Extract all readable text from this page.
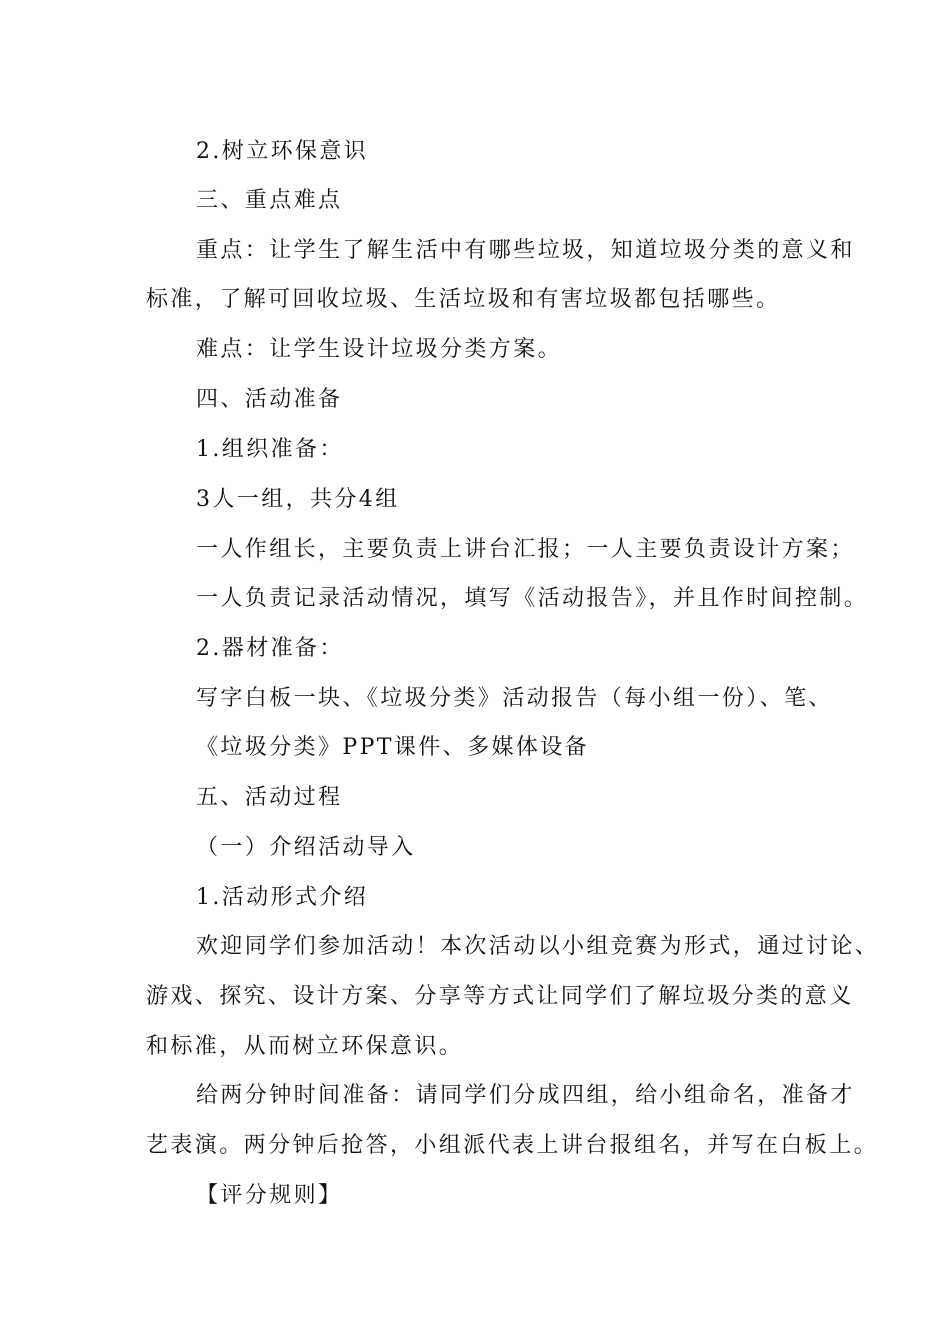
2.树立环保意识
三、重点难点
重点：让学生了解生活中有哪些垃圾，知道垃圾分类的意义和
标准，了解可回收垃圾、生活垃圾和有害垃圾都包括哪些。
难点：让学生设计垃圾分类方案。
四、活动准备
1.组织准备：
3人一组，共分4组
一人作组长，主要负责上讲台汇报；一人主要负责设计方案；
一人负责记录活动情况，填写《活动报告》，并且作时间控制。
2.器材准备：
写字白板一块、《垃圾分类》活动报告（每小组一份）、笔、
《垃圾分类》PPT课件、多媒体设备
五、活动过程
（一）介绍活动导入
1.活动形式介绍
欢迎同学们参加活动！本次活动以小组竞赛为形式，通过讨论、
游戏、探究、设计方案、分享等方式让同学们了解垃圾分类的意义
和标准，从而树立环保意识。
给两分钟时间准备：请同学们分成四组，给小组命名，准备才
艺表演。两分钟后抢答，小组派代表上讲台报组名，并写在白板上。
【评分规则】
